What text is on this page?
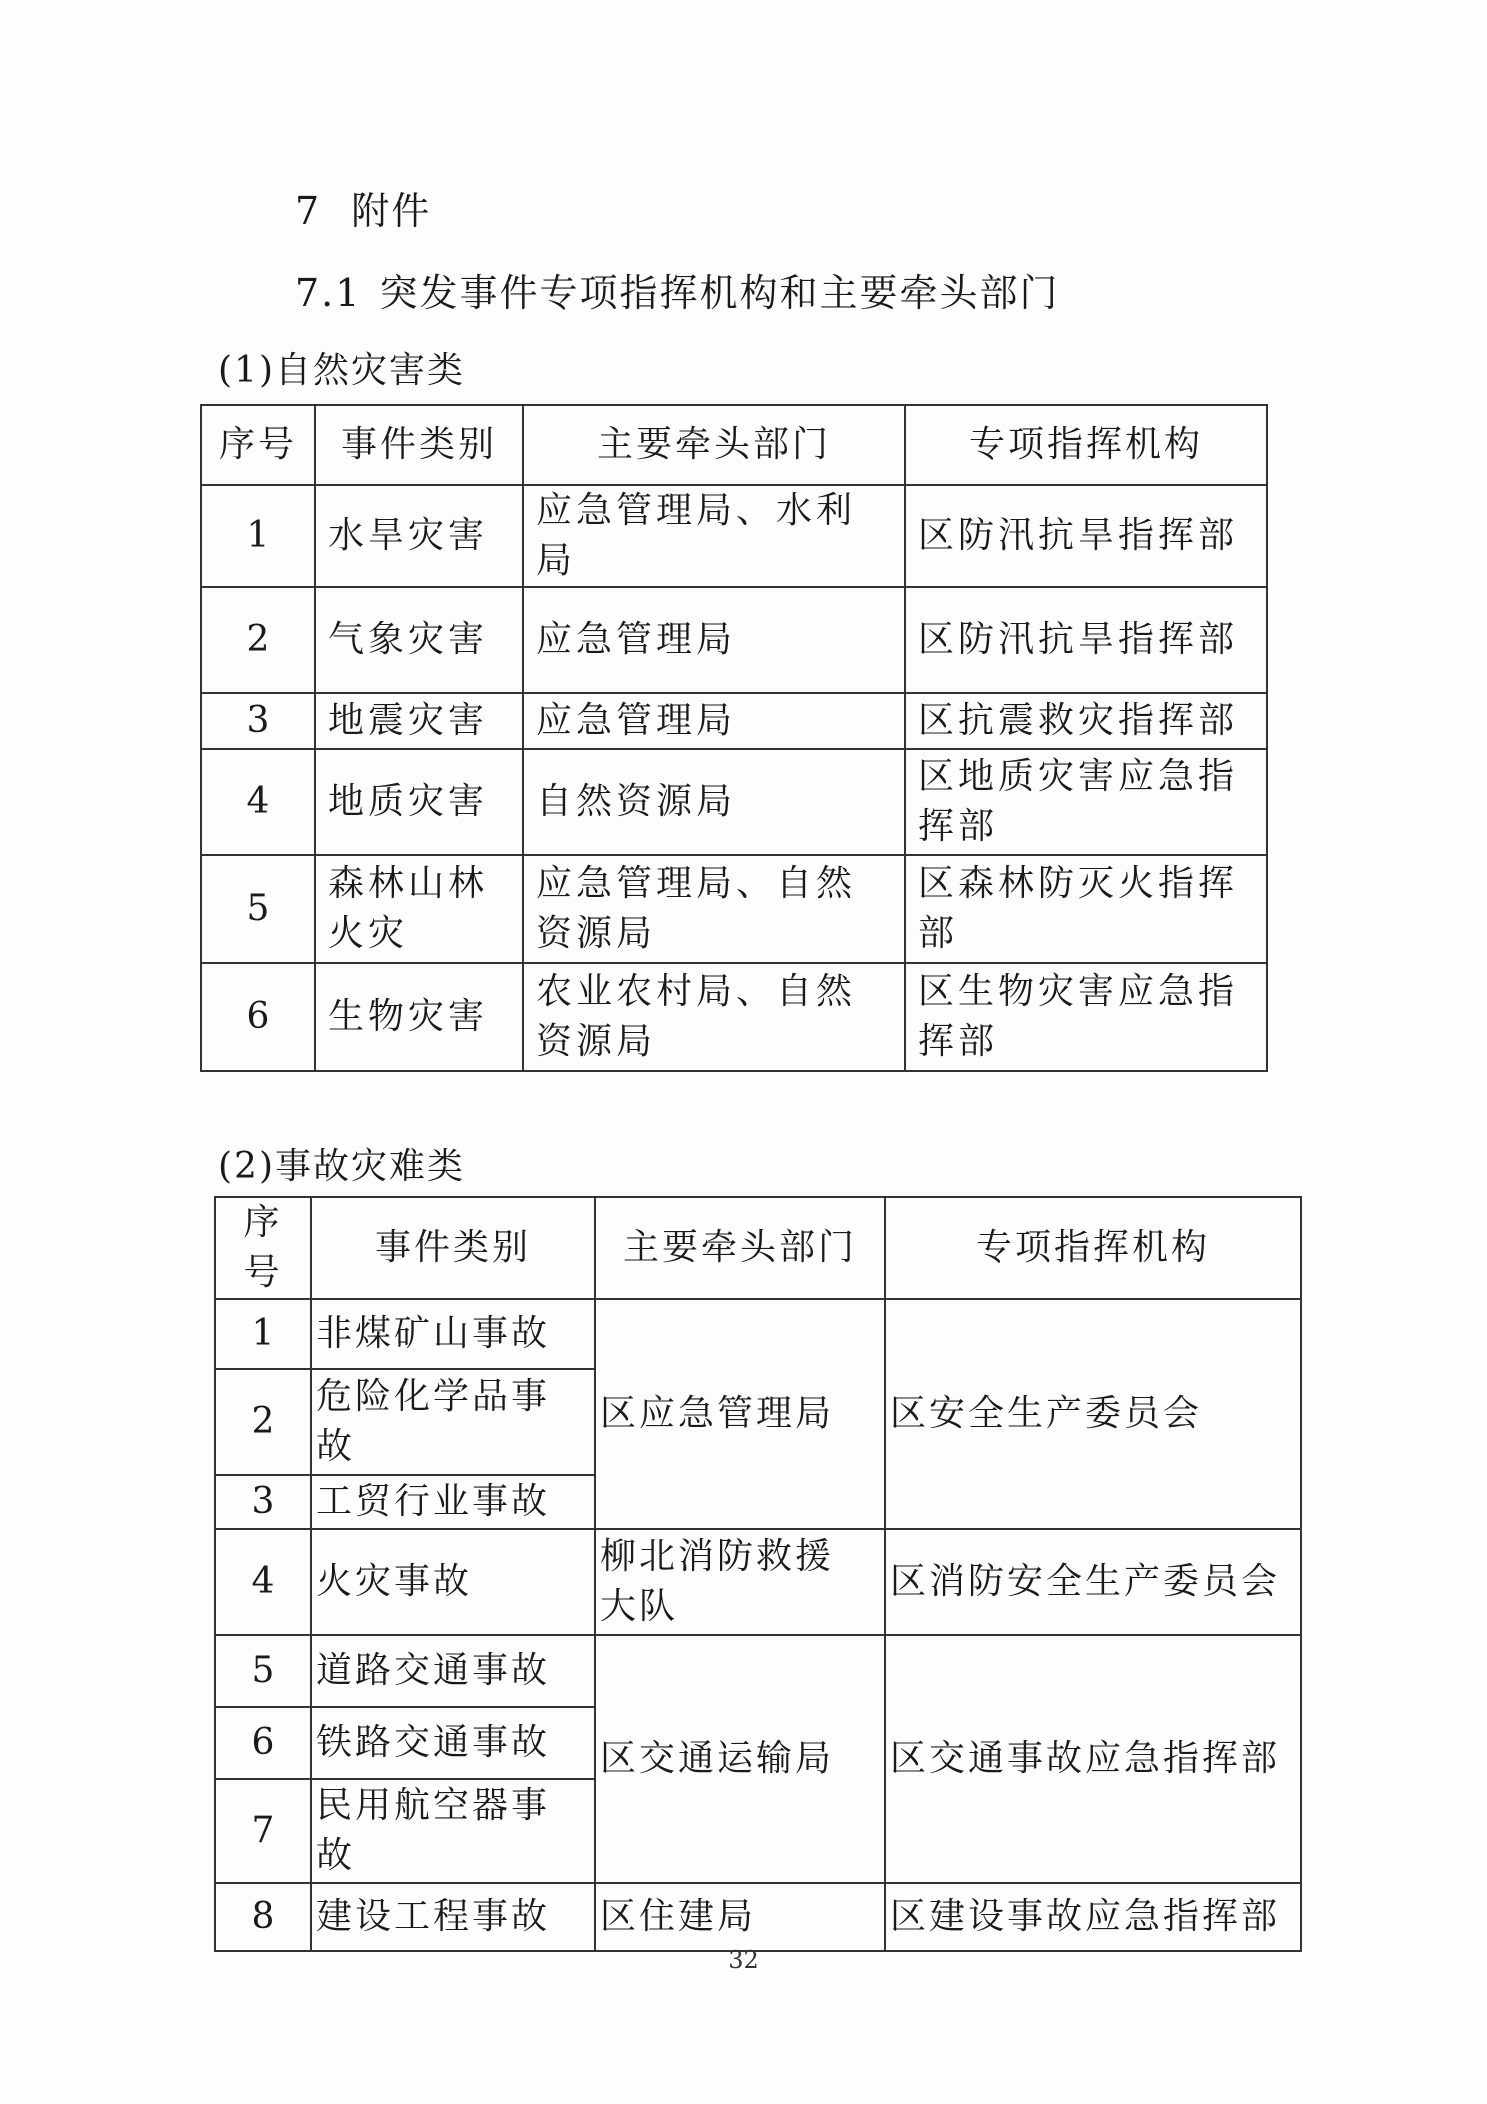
7 附件
7.1 突发事件专项指挥机构和主要牵头部门
(1)自然灾害类
序号	事件类别	主要牵头部门	专项指挥机构
1	水旱灾害	应急管理局、水利局	区防汛抗旱指挥部
2	气象灾害	应急管理局	区防汛抗旱指挥部
3	地震灾害	应急管理局	区抗震救灾指挥部
4	地质灾害	自然资源局	区地质灾害应急指挥部
5	森林山林火灾	应急管理局、自然资源局	区森林防灭火指挥部
6	生物灾害	农业农村局、自然资源局	区生物灾害应急指挥部
(2)事故灾难类
序号	事件类别	主要牵头部门	专项指挥机构
1	非煤矿山事故	区应急管理局	区安全生产委员会
2	危险化学品事故		
3	工贸行业事故		
4	火灾事故	柳北消防救援大队	区消防安全生产委员会
5	道路交通事故	区交通运输局	区交通事故应急指挥部
6	铁路交通事故		
7	民用航空器事故		
8	建设工程事故	区住建局	区建设事故应急指挥部
32
